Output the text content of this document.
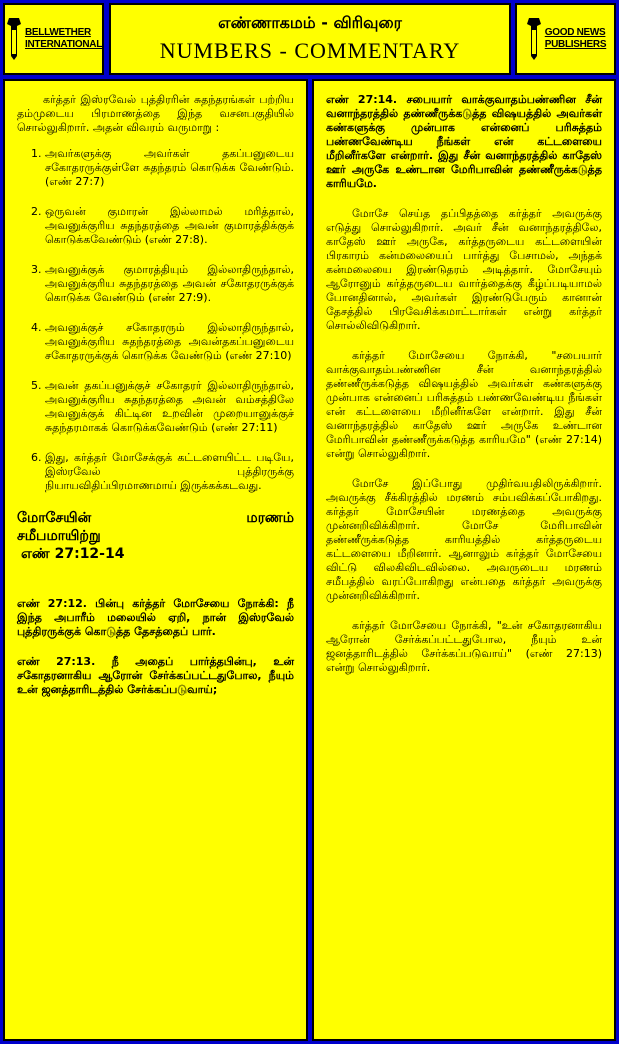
BELLWETHER
INTERNATIONAL
எண்ணாகமம் - விரிவுரை
NUMBERS - COMMENTARY
GOOD NEWS
PUBLISHERS

கர்த்தர் இஸ்ரவேல் புத்திரரின் சுதந்தரங்கள் பற்றிய தம்முடைய பிரமாணத்தை இந்த வசனபகுதியில் சொல்லுகிறார். அதன் விவரம் வருமாறு :

1. அவர்களுக்கு அவர்கள் தகப்பனுடைய சகோதரருக்குள்ளே சுதந்தரம் கொடுக்க வேண்டும். (எண் 27:7)
2. ஒருவன் குமாரன் இல்லாமல் மரித்தால், அவனுக்குரிய சுதந்தரத்தை அவன் குமாரத்திக்குக் கொடுக்கவேண்டும் (எண் 27:8).
3. அவனுக்குக் குமாரத்தியும் இல்லாதிருந்தால், அவனுக்குரிய சுதந்தரத்தை அவன் சகோதரருக்குக் கொடுக்க வேண்டும் (எண் 27:9).
4. அவனுக்குச் சகோதரரும் இல்லாதிருந்தால், அவனுக்குரிய சுதந்தரத்தை அவன்தகப்பனுடைய சகோதரருக்குக் கொடுக்க வேண்டும் (எண் 27:10)
5. அவன் தகப்பனுக்குச் சகோதரர் இல்லாதிருந்தால், அவனுக்குரிய சுதந்தரத்தை அவன் வம்சத்திலே அவனுக்குக் கிட்டின உறவின் முறையானுக்குச் சுதந்தரமாகக் கொடுக்கவேண்டும் (எண் 27:11)
6. இது, கர்த்தர் மோசேக்குக் கட்டளையிட்ட படியே, இஸ்ரவேல் புத்திரருக்கு நியாயவிதிப்பிரமாணமாய் இருக்கக்கடவது.
மோசேயின்	மரணம்
சமீபமாயிற்று
எண் 27:12-14

எண் 27:12. பின்பு கர்த்தர் மோசேயை நோக்கி: நீ இந்த அபாரீம் மலையில் ஏறி, நான் இஸ்ரவேல் புத்திரருக்குக் கொடுத்த தேசத்தைப் பார்.

எண் 27:13. நீ அதைப் பார்த்தபின்பு, உன் சகோதரனாகிய ஆரோன் சேர்க்கப்பட்டதுபோல, நீயும் உன் ஜனத்தாரிடத்தில் சேர்க்கப்படுவாய்;

எண் 27:14. சபையார் வாக்குவாதம்பண்ணின சீன் வனாந்தரத்தில் தண்ணீருக்கடுத்த விஷயத்தில் அவர்கள் கண்களுக்கு முன்பாக என்னைப் பரிசுத்தம் பண்ணவேண்டிய நீங்கள் என் கட்டளையை மீறினீர்களே என்றார். இது சீன் வனாந்தரத்தில் காதேஸ் ஊர் அருகே உண்டான மேரிபாவின் தண்ணீருக்கடுத்த காரியமே.

மோசே செய்த தப்பிதத்தை கர்த்தர் அவருக்கு எடுத்து சொல்லுகிறார். அவர் சீன் வனாந்தரத்திலே, காதேஸ் ஊர் அருகே, கர்த்தருடைய கட்டளையின் பிரகாரம் கன்மலையைப் பார்த்து பேசாமல், அந்தக் கன்மலையை இரண்டுதரம் அடித்தார். மோசேயும் ஆரோனும் கர்த்தருடைய வார்த்தைக்கு கீழ்ப்படியாமல் போனதினால், அவர்கள் இரண்டுபேரும் கானான் தேசத்தில் பிரவேசிக்கமாட்டார்கள் என்று கர்த்தர் சொல்லிவிடுகிறார்.

கர்த்தர் மோசேயை நோக்கி, "சபையார் வாக்குவாதம்பண்ணின சீன் வனாந்தரத்தில் தண்ணீருக்கடுத்த விஷயத்தில் அவர்கள் கண்களுக்கு முன்பாக என்னைப் பரிசுத்தம் பண்ணவேண்டிய நீங்கள் என் கட்டளையை மீறினீர்களே என்றார். இது சீன் வனாந்தரத்தில் காதேஸ் ஊர் அருகே உண்டான மேரிபாவின் தண்ணீருக்கடுத்த காரியமே" (எண் 27:14) என்று சொல்லுகிறார்.

மோசே இப்போது முதிர்வயதிலிருக்கிறார். அவருக்கு சீக்கிரத்தில் மரணம் சம்பவிக்கப்போகிறது. கர்த்தர் மோசேயின் மரணத்தை அவருக்கு முன்னறிவிக்கிறார். மோசே மேரிபாவின் தண்ணீருக்கடுத்த காரியத்தில் கர்த்தருடைய கட்டளையை மீறினார். ஆனாலும் கர்த்தர் மோசேயை விட்டு விலகிவிடவில்லை. அவருடைய மரணம் சமீபத்தில் வரப்போகிறது என்பதை கர்த்தர் அவருக்கு முன்னறிவிக்கிறார்.

கர்த்தர் மோசேயை நோக்கி, "உன் சகோதரனாகிய ஆரோன் சேர்க்கப்பட்டதுபோல, நீயும் உன் ஜனத்தாரிடத்தில் சேர்க்கப்படுவாய்" (எண் 27:13) என்று சொல்லுகிறார்.
